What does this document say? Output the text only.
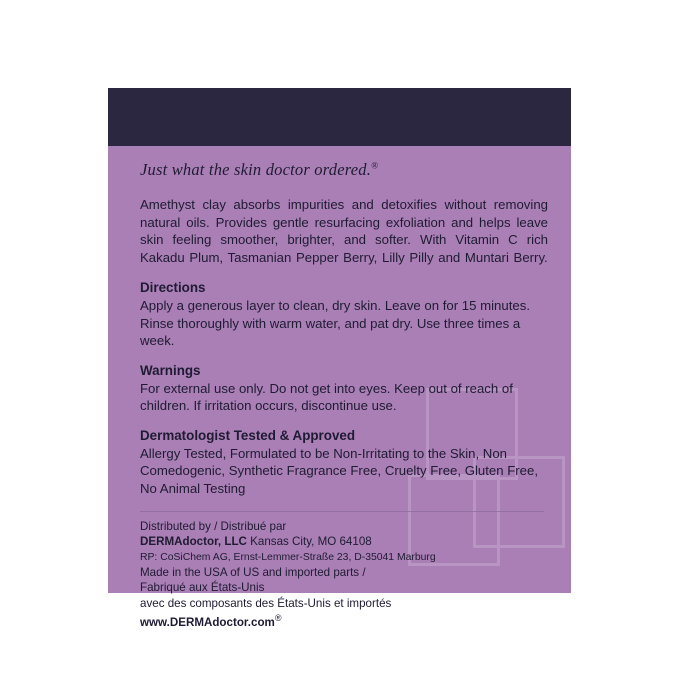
Just what the skin doctor ordered.®

Amethyst clay absorbs impurities and detoxifies without removing natural oils. Provides gentle resurfacing exfoliation and helps leave skin feeling smoother, brighter, and softer. With Vitamin C rich Kakadu Plum, Tasmanian Pepper Berry, Lilly Pilly and Muntari Berry.

Directions

Apply a generous layer to clean, dry skin. Leave on for 15 minutes. Rinse thoroughly with warm water, and pat dry. Use three times a week.

Warnings

For external use only. Do not get into eyes. Keep out of reach of children. If irritation occurs, discontinue use.

Dermatologist Tested & Approved

Allergy Tested, Formulated to be Non-Irritating to the Skin, Non Comedogenic, Synthetic Fragrance Free, Cruelty Free, Gluten Free, No Animal Testing

Distributed by / Distribué par
DERMAdoctor, LLC Kansas City, MO 64108
RP: CoSiChem AG, Ernst-Lemmer-Straße 23, D-35041 Marburg
Made in the USA of US and imported parts /
Fabriqué aux États-Unis
avec des composants des États-Unis et importés
www.DERMAdoctor.com®
